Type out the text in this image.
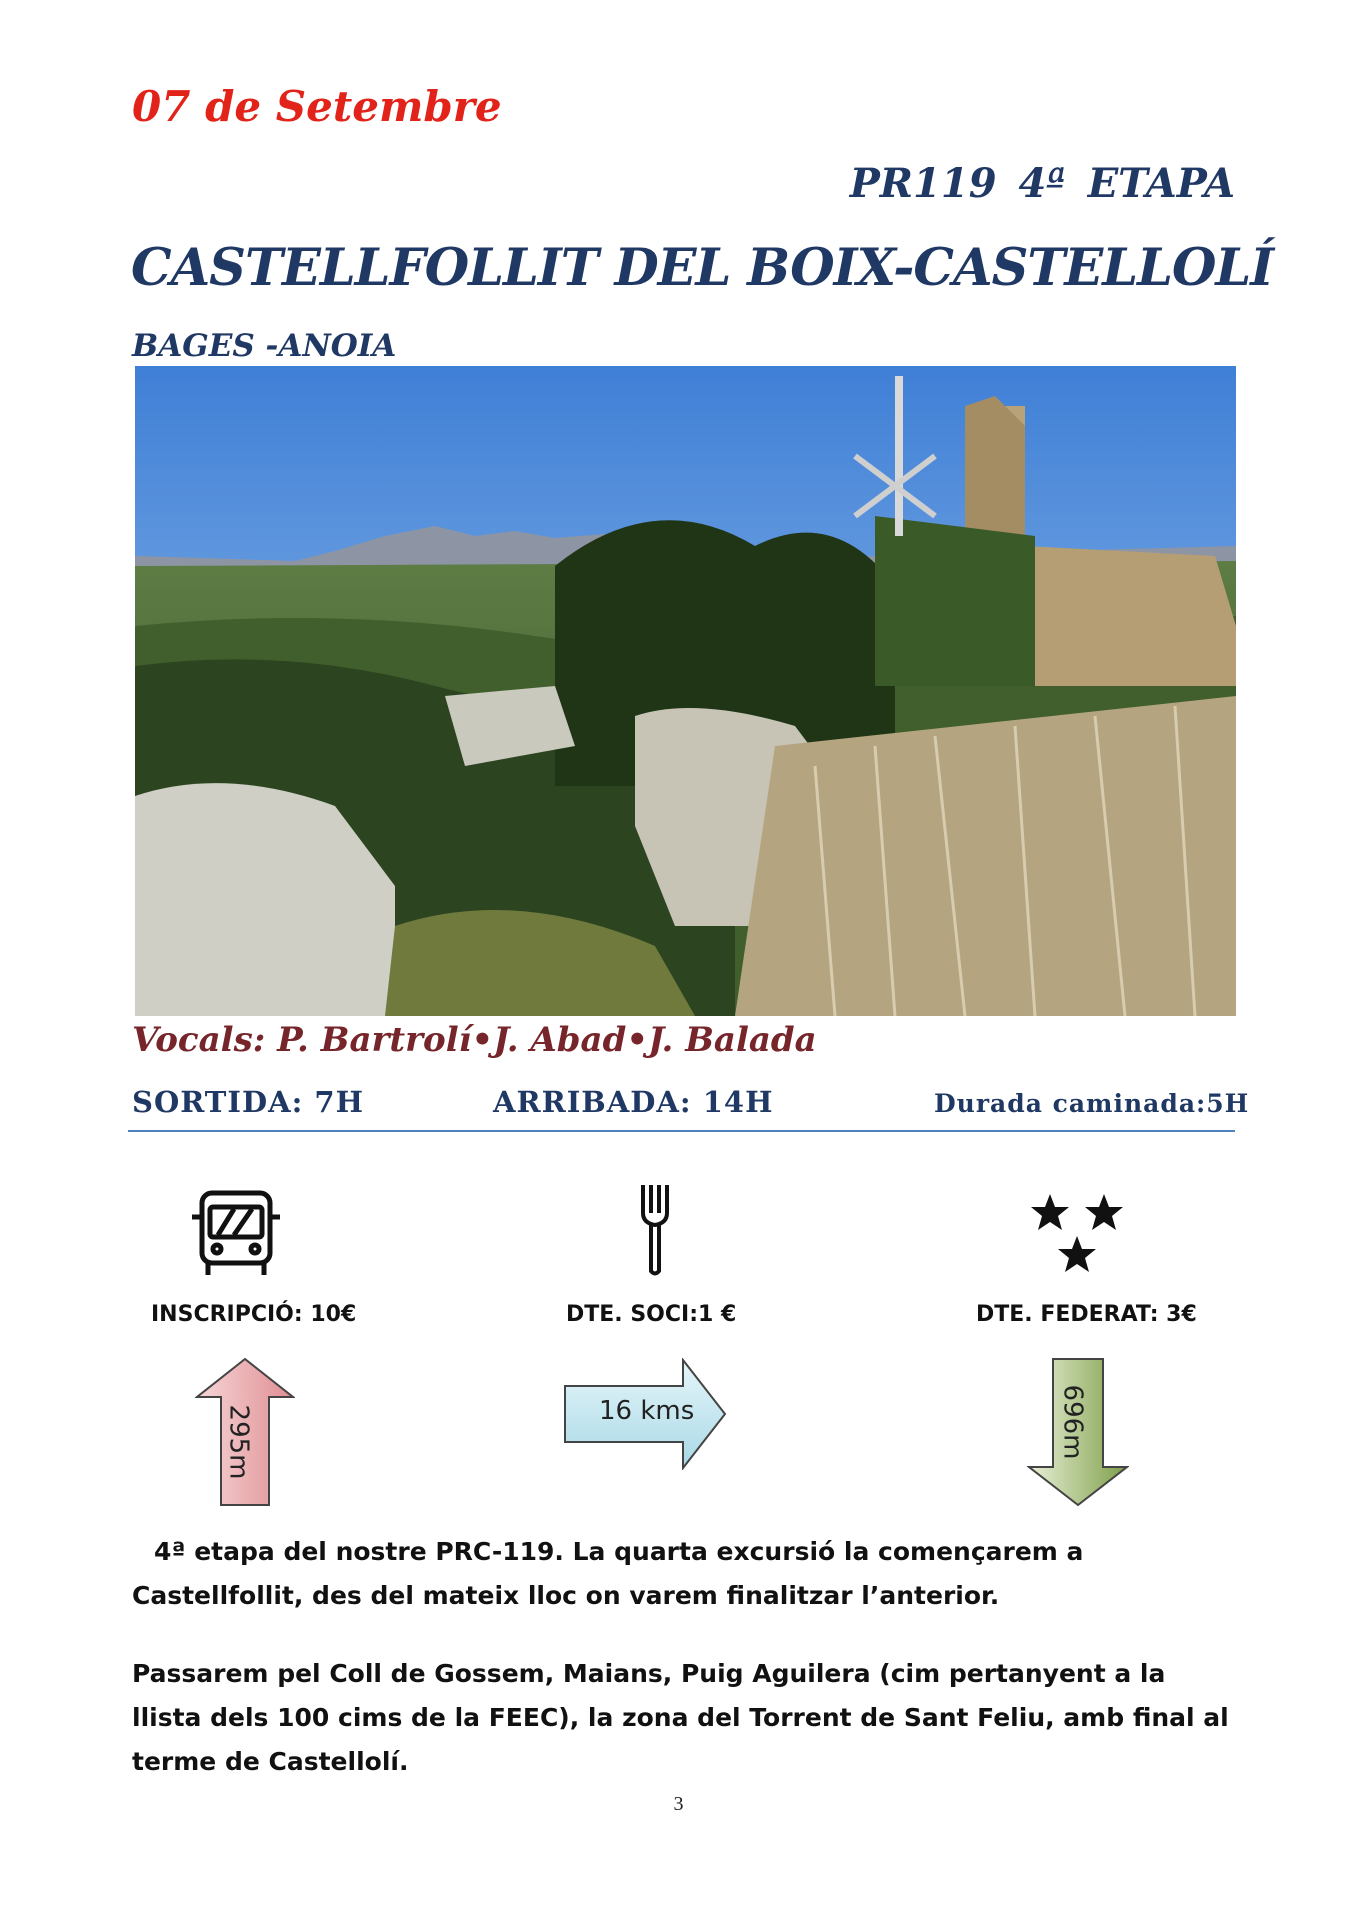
07 de Setembre
PR119 4ª ETAPA
CASTELLFOLLIT DEL BOIX-CASTELLOLÍ
BAGES -ANOIA
Vocals: P. Bartrolí•J. Abad•J. Balada
SORTIDA: 7H	ARRIBADA: 14H	Durada caminada:5H
INSCRIPCIÓ: 10€	DTE. SOCI:1 €	DTE. FEDERAT: 3€
295m	16 kms	696m
4ª etapa del nostre PRC-119. La quarta excursió la començarem a Castellfollit, des del mateix lloc on varem finalitzar l’anterior.
Passarem pel Coll de Gossem, Maians, Puig Aguilera (cim pertanyent a la llista dels 100 cims de la FEEC), la zona del Torrent de Sant Feliu, amb final al terme de Castellolí.
3
